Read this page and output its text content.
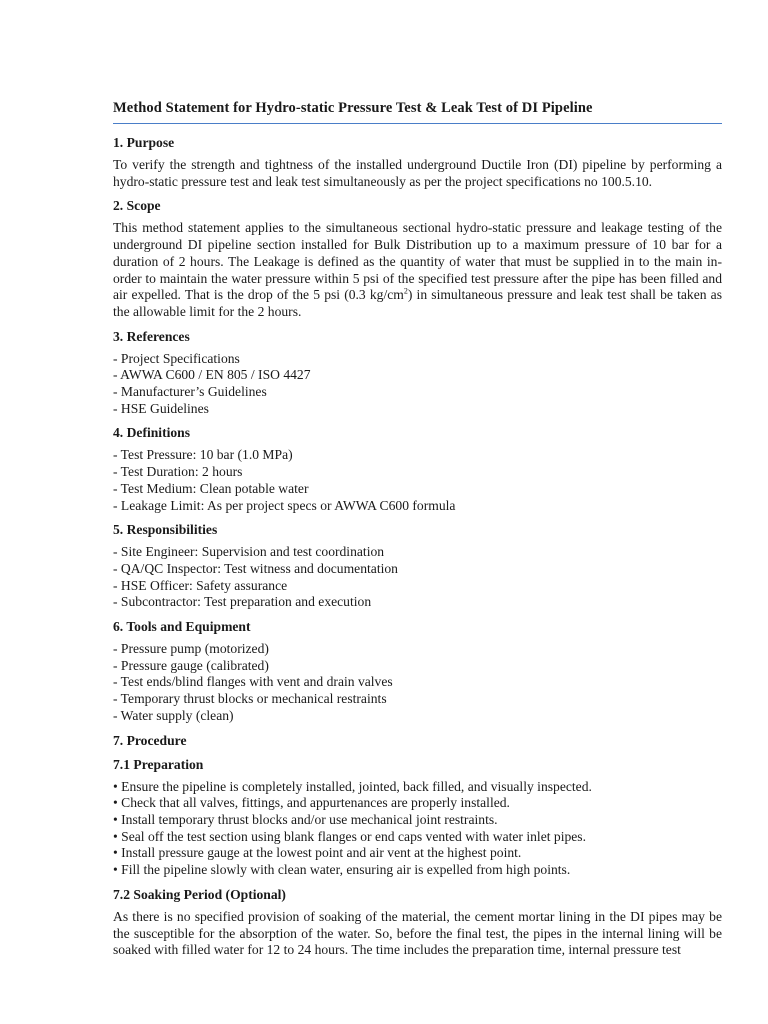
Method Statement for Hydro-static Pressure Test & Leak Test of DI Pipeline
1. Purpose

To verify the strength and tightness of the installed underground Ductile Iron (DI) pipeline by performing a hydro-static pressure test and leak test simultaneously as per the project specifications no 100.5.10.

2. Scope

This method statement applies to the simultaneous sectional hydro-static pressure and leakage testing of the underground DI pipeline section installed for Bulk Distribution up to a maximum pressure of 10 bar for a duration of 2 hours. The Leakage is defined as the quantity of water that must be supplied in to the main in-order to maintain the water pressure within 5 psi of the specified test pressure after the pipe has been filled and air expelled. That is the drop of the 5 psi (0.3 $kg/cm^2$) in simultaneous pressure and leak test shall be taken as the allowable limit for the 2 hours.

3. References
- Project Specifications
- AWWA C600 / EN 805 / ISO 4427
- Manufacturer’s Guidelines
- HSE Guidelines
4. Definitions
- Test Pressure: 10 bar (1.0 MPa)
- Test Duration: 2 hours
- Test Medium: Clean potable water
- Leakage Limit: As per project specs or AWWA C600 formula
5. Responsibilities
- Site Engineer: Supervision and test coordination
- QA/QC Inspector: Test witness and documentation
- HSE Officer: Safety assurance
- Subcontractor: Test preparation and execution
6. Tools and Equipment
- Pressure pump (motorized)
- Pressure gauge (calibrated)
- Test ends/blind flanges with vent and drain valves
- Temporary thrust blocks or mechanical restraints
- Water supply (clean)
7. Procedure
7.1 Preparation
• Ensure the pipeline is completely installed, jointed, back filled, and visually inspected.
• Check that all valves, fittings, and appurtenances are properly installed.
• Install temporary thrust blocks and/or use mechanical joint restraints.
• Seal off the test section using blank flanges or end caps vented with water inlet pipes.
• Install pressure gauge at the lowest point and air vent at the highest point.
• Fill the pipeline slowly with clean water, ensuring air is expelled from high points.
7.2 Soaking Period (Optional)

As there is no specified provision of soaking of the material, the cement mortar lining in the DI pipes may be the susceptible for the absorption of the water. So, before the final test, the pipes in the internal lining will be soaked with filled water for 12 to 24 hours. The time includes the preparation time, internal pressure test
